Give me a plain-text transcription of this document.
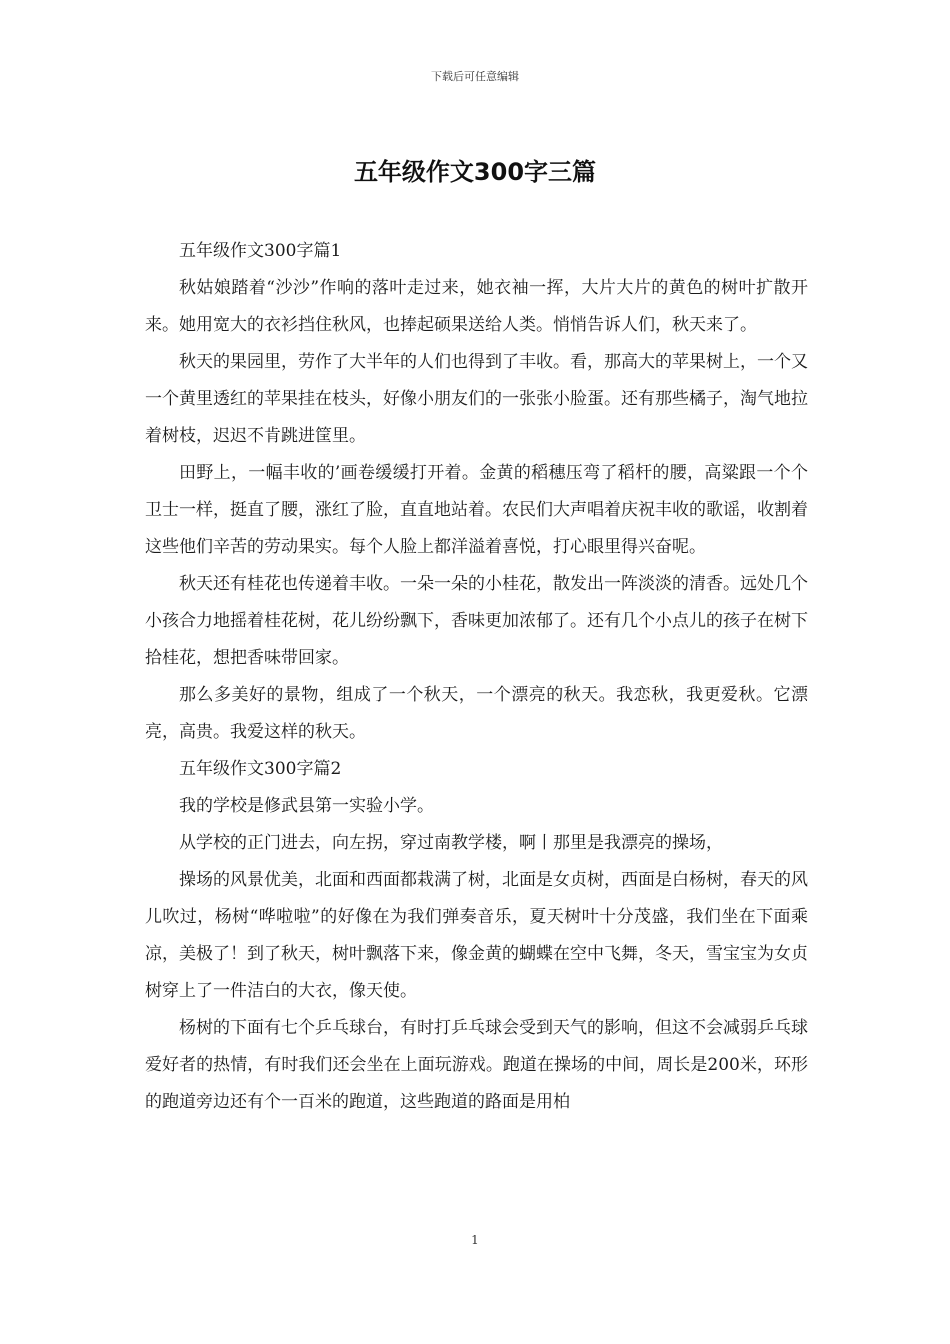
下载后可任意编辑
五年级作文300字三篇

五年级作文300字篇1

秋姑娘踏着“沙沙”作响的落叶走过来，她衣袖一挥，大片大片的黄色的树叶扩散开来。她用宽大的衣衫挡住秋风，也捧起硕果送给人类。悄悄告诉人们，秋天来了。

秋天的果园里，劳作了大半年的人们也得到了丰收。看，那高大的苹果树上，一个又一个黄里透红的苹果挂在枝头，好像小朋友们的一张张小脸蛋。还有那些橘子，淘气地拉着树枝，迟迟不肯跳进筐里。

田野上，一幅丰收的’画卷缓缓打开着。金黄的稻穗压弯了稻杆的腰，高粱跟一个个卫士一样，挺直了腰，涨红了脸，直直地站着。农民们大声唱着庆祝丰收的歌谣，收割着这些他们辛苦的劳动果实。每个人脸上都洋溢着喜悦，打心眼里得兴奋呢。

秋天还有桂花也传递着丰收。一朵一朵的小桂花，散发出一阵淡淡的清香。远处几个小孩合力地摇着桂花树，花儿纷纷飘下，香味更加浓郁了。还有几个小点儿的孩子在树下拾桂花，想把香味带回家。

那么多美好的景物，组成了一个秋天，一个漂亮的秋天。我恋秋，我更爱秋。它漂亮，高贵。我爱这样的秋天。

五年级作文300字篇2

我的学校是修武县第一实验小学。

从学校的正门进去，向左拐，穿过南教学楼，啊丨那里是我漂亮的操场，

操场的风景优美，北面和西面都栽满了树，北面是女贞树，西面是白杨树，春天的风儿吹过，杨树“哗啦啦”的好像在为我们弹奏音乐，夏天树叶十分茂盛，我们坐在下面乘凉，美极了！到了秋天，树叶飘落下来，像金黄的蝴蝶在空中飞舞，冬天，雪宝宝为女贞树穿上了一件洁白的大衣，像天使。

杨树的下面有七个乒乓球台，有时打乒乓球会受到天气的影响，但这不会减弱乒乓球爱好者的热情，有时我们还会坐在上面玩游戏。跑道在操场的中间，周长是200米，环形的跑道旁边还有个一百米的跑道，这些跑道的路面是用柏

1
